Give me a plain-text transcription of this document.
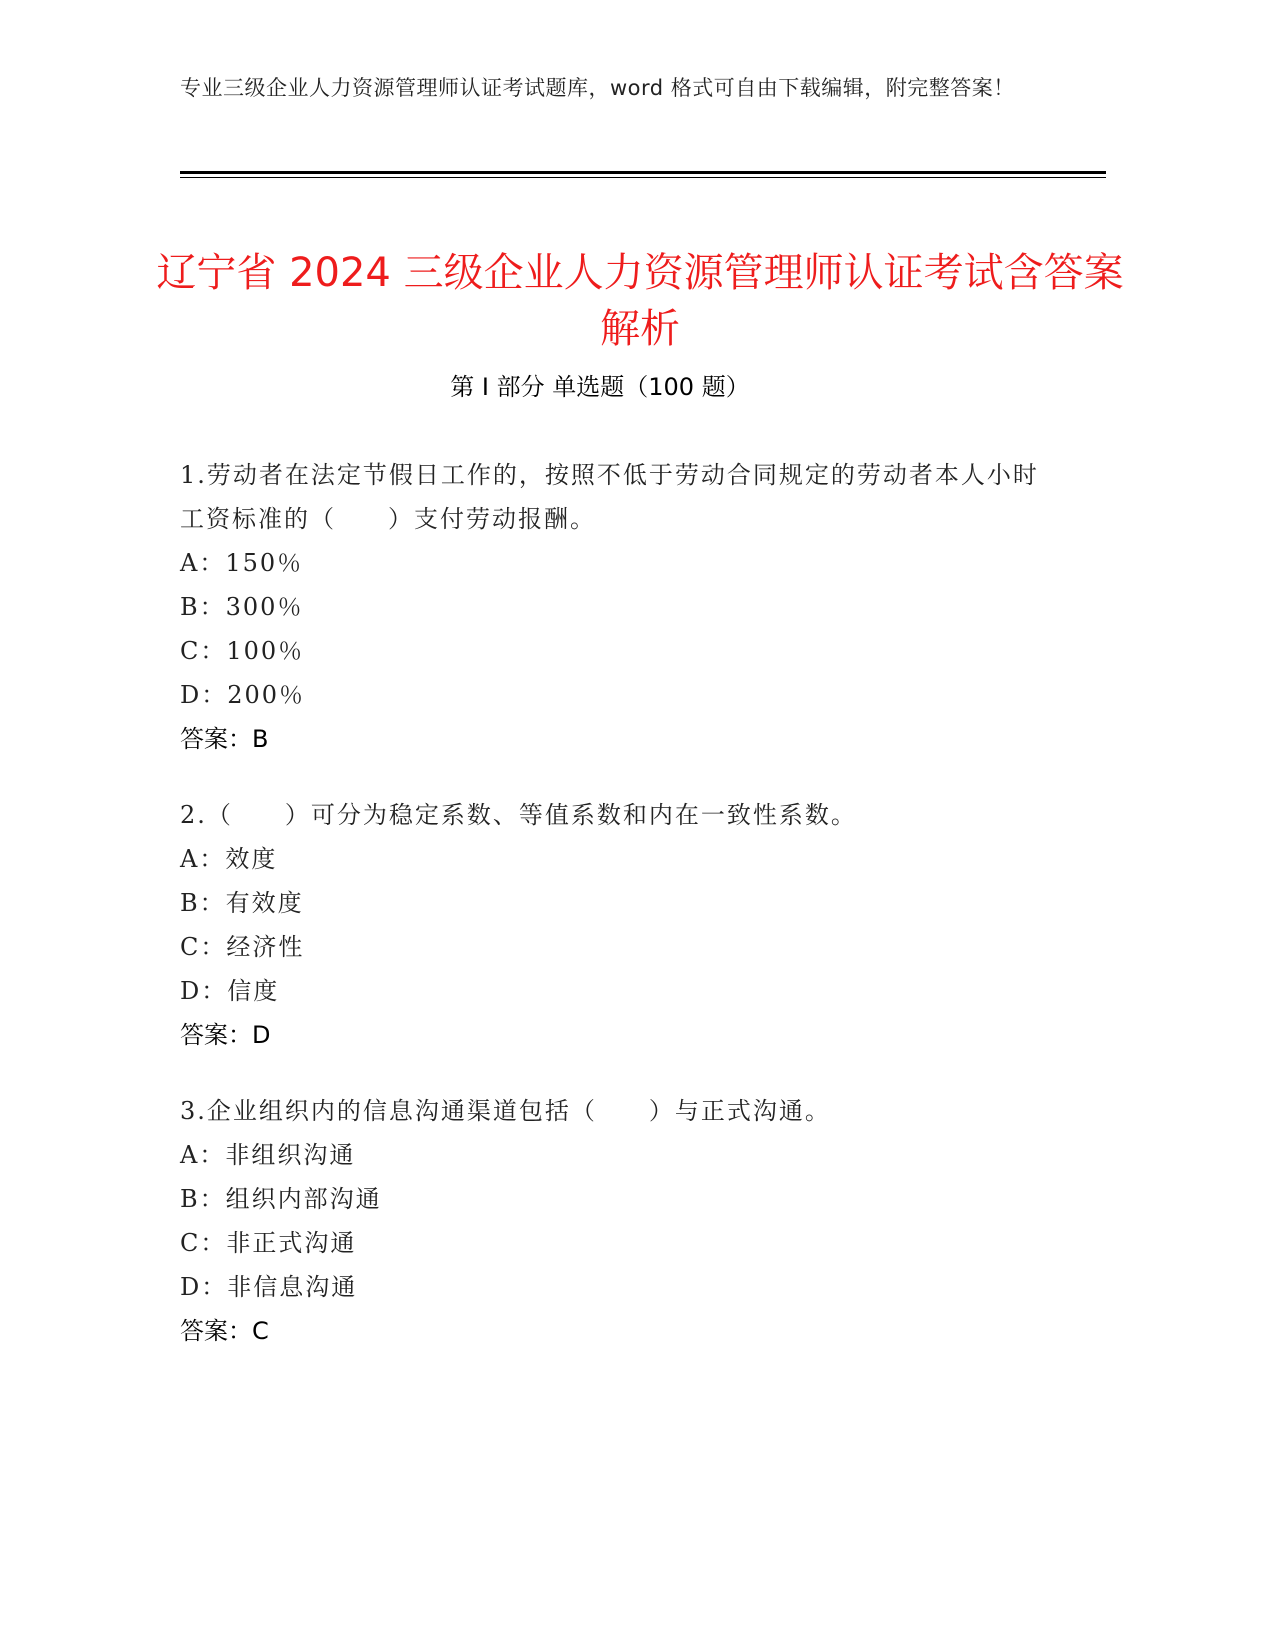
专业三级企业人力资源管理师认证考试题库，word 格式可自由下载编辑，附完整答案！
辽宁省 2024 三级企业人力资源管理师认证考试含答案解析
第 I 部分 单选题（100 题）

1.劳动者在法定节假日工作的，按照不低于劳动合同规定的劳动者本人小时工资标准的（　　）支付劳动报酬。

A：150％
B：300％
C：100％
D：200％
答案：B

2.（　　）可分为稳定系数、等值系数和内在一致性系数。

A：效度
B：有效度
C：经济性
D：信度
答案：D

3.企业组织内的信息沟通渠道包括（　　）与正式沟通。

A：非组织沟通
B：组织内部沟通
C：非正式沟通
D：非信息沟通
答案：C
